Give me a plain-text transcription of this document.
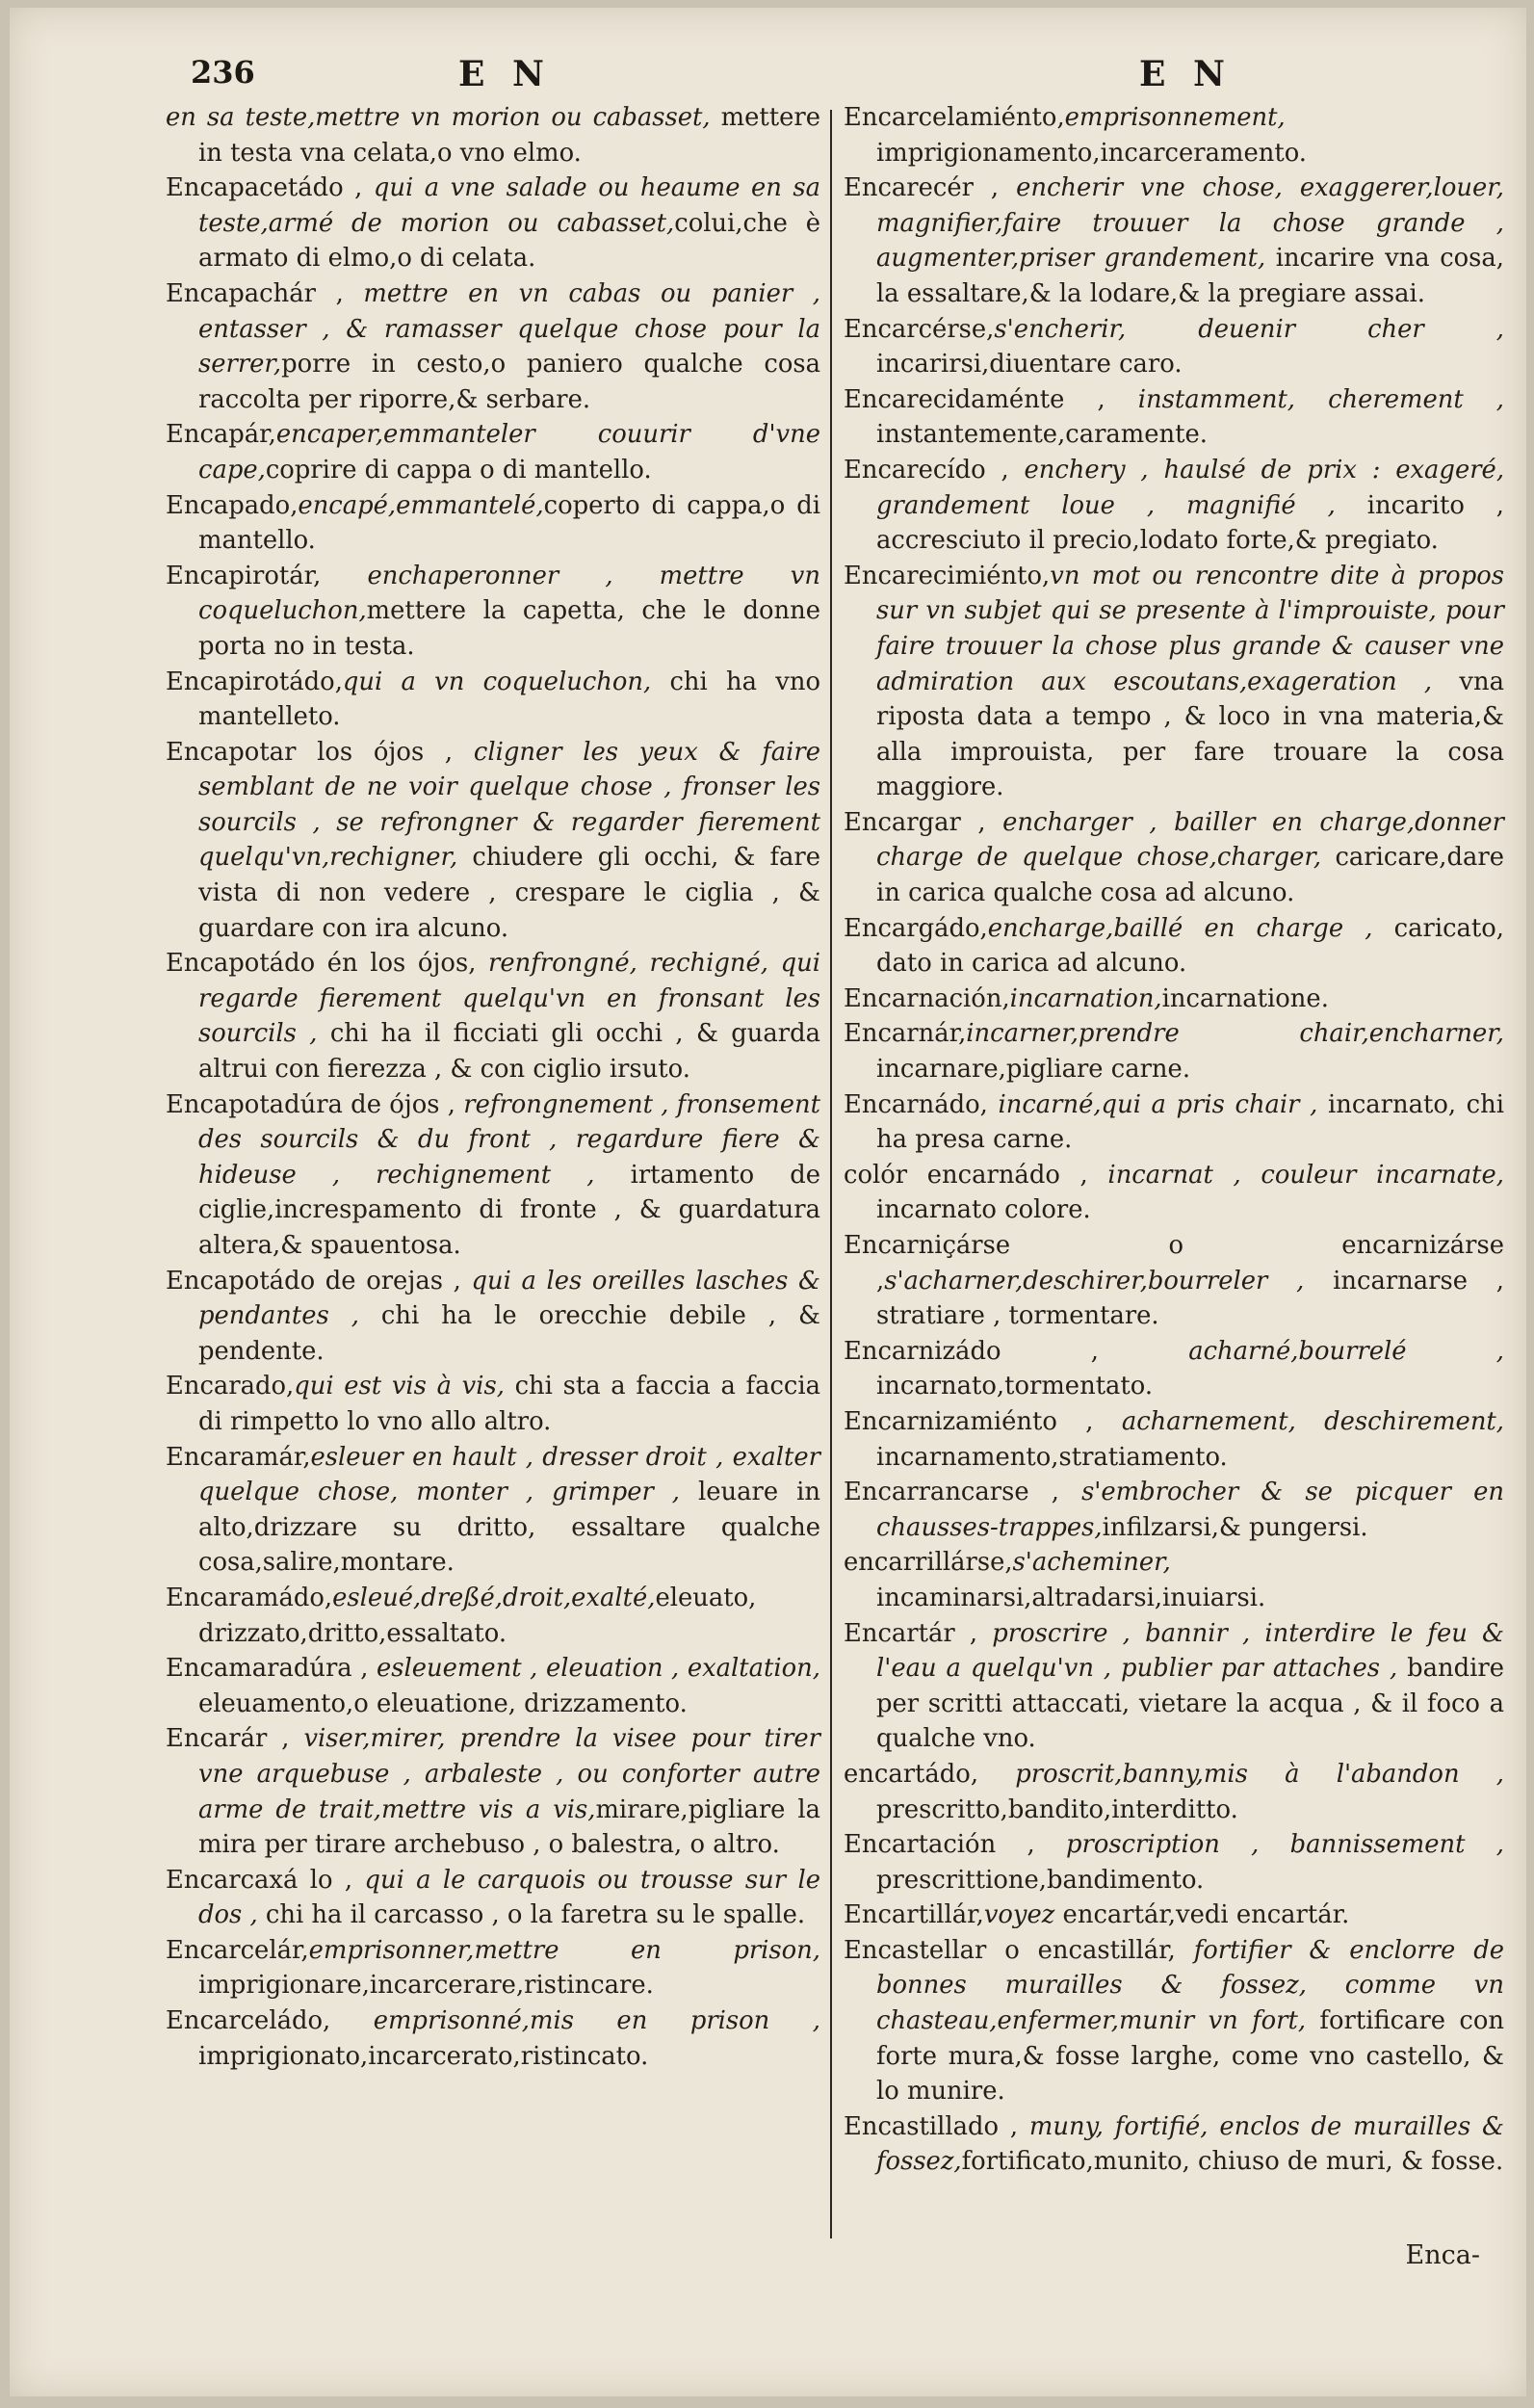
236	E N	E N

en sa teste,mettre vn morion ou cabasset, mettere in testa vna celata,o vno elmo.

Encapacetádo , qui a vne salade ou heaume en sa teste,armé de morion ou cabasset,colui,che è armato di elmo,o di celata.

Encapachár , mettre en vn cabas ou panier , entasser , & ramasser quelque chose pour la serrer,porre in cesto,o paniero qualche cosa raccolta per riporre,& serbare.

Encapár,encaper,emmanteler couurir d'vne cape,coprire di cappa o di mantello.

Encapado,encapé,emmantelé,coperto di cappa,o di mantello.

Encapirotár, enchaperonner , mettre vn coqueluchon,mettere la capetta, che le donne porta no in testa.

Encapirotádo,qui a vn coqueluchon, chi ha vno mantelleto.

Encapotar los ójos , cligner les yeux & faire semblant de ne voir quelque chose , fronser les sourcils , se refrongner & regarder fierement quelqu'vn,rechigner, chiudere gli occhi, & fare vista di non vedere , crespare le ciglia , & guardare con ira alcuno.

Encapotádo én los ójos, renfrongné, rechigné, qui regarde fierement quelqu'vn en fronsant les sourcils , chi ha il ficciati gli occhi , & guarda altrui con fierezza , & con ciglio irsuto.

Encapotadúra de ójos , refrongnement , fronsement des sourcils & du front , regardure fiere & hideuse , rechignement , irtamento de ciglie,increspamento di fronte , & guardatura altera,& spauentosa.

Encapotádo de orejas , qui a les oreilles lasches & pendantes , chi ha le orecchie debile , & pendente.

Encarado,qui est vis à vis, chi sta a faccia a faccia di rimpetto lo vno allo altro.

Encaramár,esleuer en hault , dresser droit , exalter quelque chose, monter , grimper , leuare in alto,drizzare su dritto, essaltare qualche cosa,salire,montare.

Encaramádo,esleué,dreßé,droit,exalté,eleuato, drizzato,dritto,essaltato.

Encamaradúra , esleuement , eleuation , exaltation, eleuamento,o eleuatione, drizzamento.

Encarár , viser,mirer, prendre la visee pour tirer vne arquebuse , arbaleste , ou conforter autre arme de trait,mettre vis a vis,mirare,pigliare la mira per tirare archebuso , o balestra, o altro.

Encarcaxá lo , qui a le carquois ou trousse sur le dos , chi ha il carcasso , o la faretra su le spalle.

Encarcelár,emprisonner,mettre en prison, imprigionare,incarcerare,ristincare.

Encarceládo, emprisonné,mis en prison , imprigionato,incarcerato,ristincato.

Encarcelamiénto,emprisonnement, imprigionamento,incarceramento.

Encarecér , encherir vne chose, exaggerer,louer, magnifier,faire trouuer la chose grande , augmenter,priser grandement, incarire vna cosa, la essaltare,& la lodare,& la pregiare assai.

Encarcérse,s'encherir, deuenir cher , incarirsi,diuentare caro.

Encarecidaménte , instamment, cherement , instantemente,caramente.

Encarecído , enchery , haulsé de prix : exageré, grandement loue , magnifié , incarito , accresciuto il precio,lodato forte,& pregiato.

Encarecimiénto,vn mot ou rencontre dite à propos sur vn subjet qui se presente à l'improuiste, pour faire trouuer la chose plus grande & causer vne admiration aux escoutans,exageration , vna riposta data a tempo , & loco in vna materia,& alla improuista, per fare trouare la cosa maggiore.

Encargar , encharger , bailler en charge,donner charge de quelque chose,charger, caricare,dare in carica qualche cosa ad alcuno.

Encargádo,encharge,baillé en charge , caricato, dato in carica ad alcuno.

Encarnación,incarnation,incarnatione.

Encarnár,incarner,prendre chair,encharner, incarnare,pigliare carne.

Encarnádo, incarné,qui a pris chair , incarnato, chi ha presa carne.

colór encarnádo , incarnat , couleur incarnate, incarnato colore.

Encarniçárse o encarnizárse ,s'acharner,deschirer,bourreler , incarnarse , stratiare , tormentare.

Encarnizádo , acharné,bourrelé , incarnato,tormentato.

Encarnizamiénto , acharnement, deschirement, incarnamento,stratiamento.

Encarrancarse , s'embrocher & se picquer en chausses-trappes,infilzarsi,& pungersi.

encarrillárse,s'acheminer, incaminarsi,altradarsi,inuiarsi.

Encartár , proscrire , bannir , interdire le feu & l'eau a quelqu'vn , publier par attaches , bandire per scritti attaccati, vietare la acqua , & il foco a qualche vno.

encartádo, proscrit,banny,mis à l'abandon , prescritto,bandito,interditto.

Encartación , proscription , bannissement , prescrittione,bandimento.

Encartillár,voyez encartár,vedi encartár.

Encastellar o encastillár, fortifier & enclorre de bonnes murailles & fossez, comme vn chasteau,enfermer,munir vn fort, fortificare con forte mura,& fosse larghe, come vno castello, & lo munire.

Encastillado , muny, fortifié, enclos de murailles & fossez,fortificato,munito, chiuso de muri, & fosse.

Enca-
